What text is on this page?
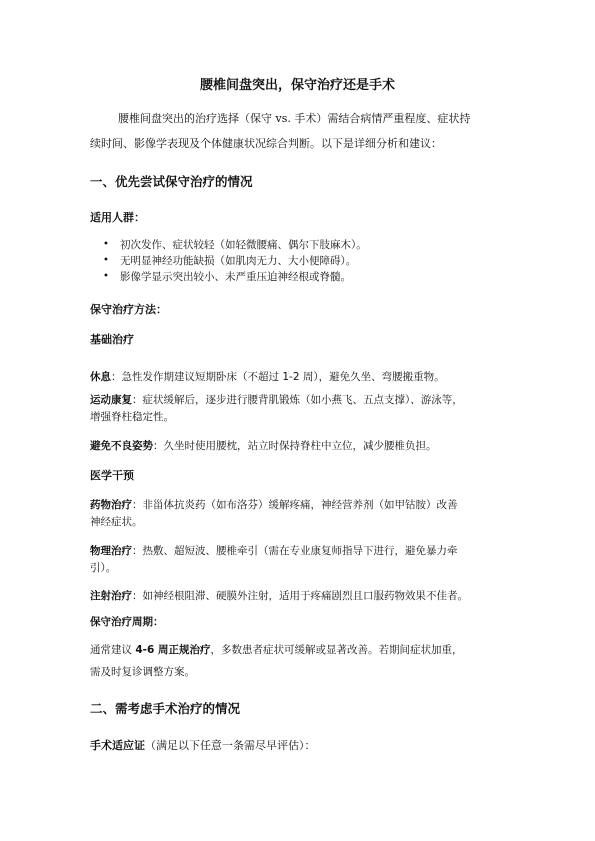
腰椎间盘突出，保守治疗还是手术

腰椎间盘突出的治疗选择（保守 vs. 手术）需结合病情严重程度、症状持

续时间、影像学表现及个体健康状况综合判断。以下是详细分析和建议：

一、优先尝试保守治疗的情况

适用人群：

• 初次发作、症状较轻（如轻微腰痛、偶尔下肢麻木）。
• 无明显神经功能缺损（如肌肉无力、大小便障碍）。
• 影像学显示突出较小、未严重压迫神经根或脊髓。

保守治疗方法：

基础治疗

休息：急性发作期建议短期卧床（不超过 1-2 周），避免久坐、弯腰搬重物。

运动康复：症状缓解后，逐步进行腰背肌锻炼（如小燕飞、五点支撑）、游泳等，

增强脊柱稳定性。

避免不良姿势：久坐时使用腰枕，站立时保持脊柱中立位，减少腰椎负担。

医学干预

药物治疗：非甾体抗炎药（如布洛芬）缓解疼痛，神经营养剂（如甲钴胺）改善

神经症状。

物理治疗：热敷、超短波、腰椎牵引（需在专业康复师指导下进行，避免暴力牵

引）。

注射治疗：如神经根阻滞、硬膜外注射，适用于疼痛剧烈且口服药物效果不佳者。

保守治疗周期：

通常建议 4-6 周正规治疗，多数患者症状可缓解或显著改善。若期间症状加重，

需及时复诊调整方案。

二、需考虑手术治疗的情况

手术适应证（满足以下任意一条需尽早评估）：
